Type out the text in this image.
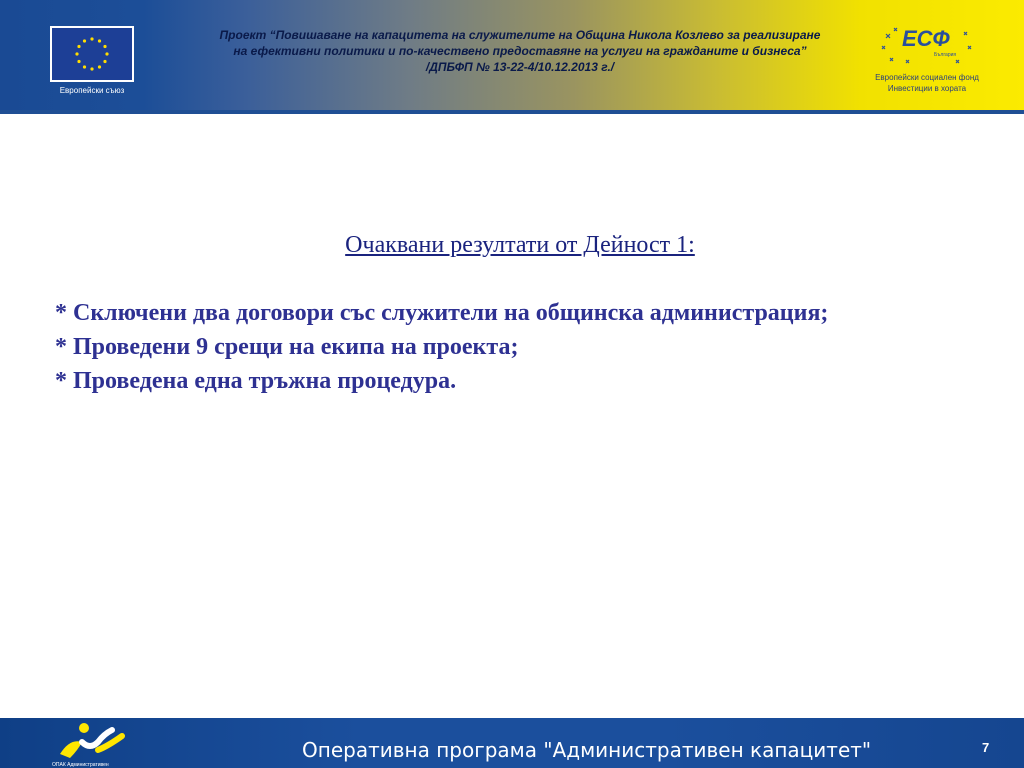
Европейски съюз
Проект “Повишаване на капацитета на служителите на Община Никола Козлево за реализиране
на ефективни политики и по-качествено предоставяне на услуги на гражданите и бизнеса”
/ДПБФП № 13-22-4/10.12.2013 г./
ЕСФ
България
Европейски социален фонд
Инвестиции в хората
Очаквани резултати от Дейност 1:
* Сключени два договори със служители на общинска администрация;
* Проведени 9 срещи на екипа на проекта;
* Проведена една тръжна процедура.
ОПАК Административен
Оперативна програма "Административен капацитет"	7
